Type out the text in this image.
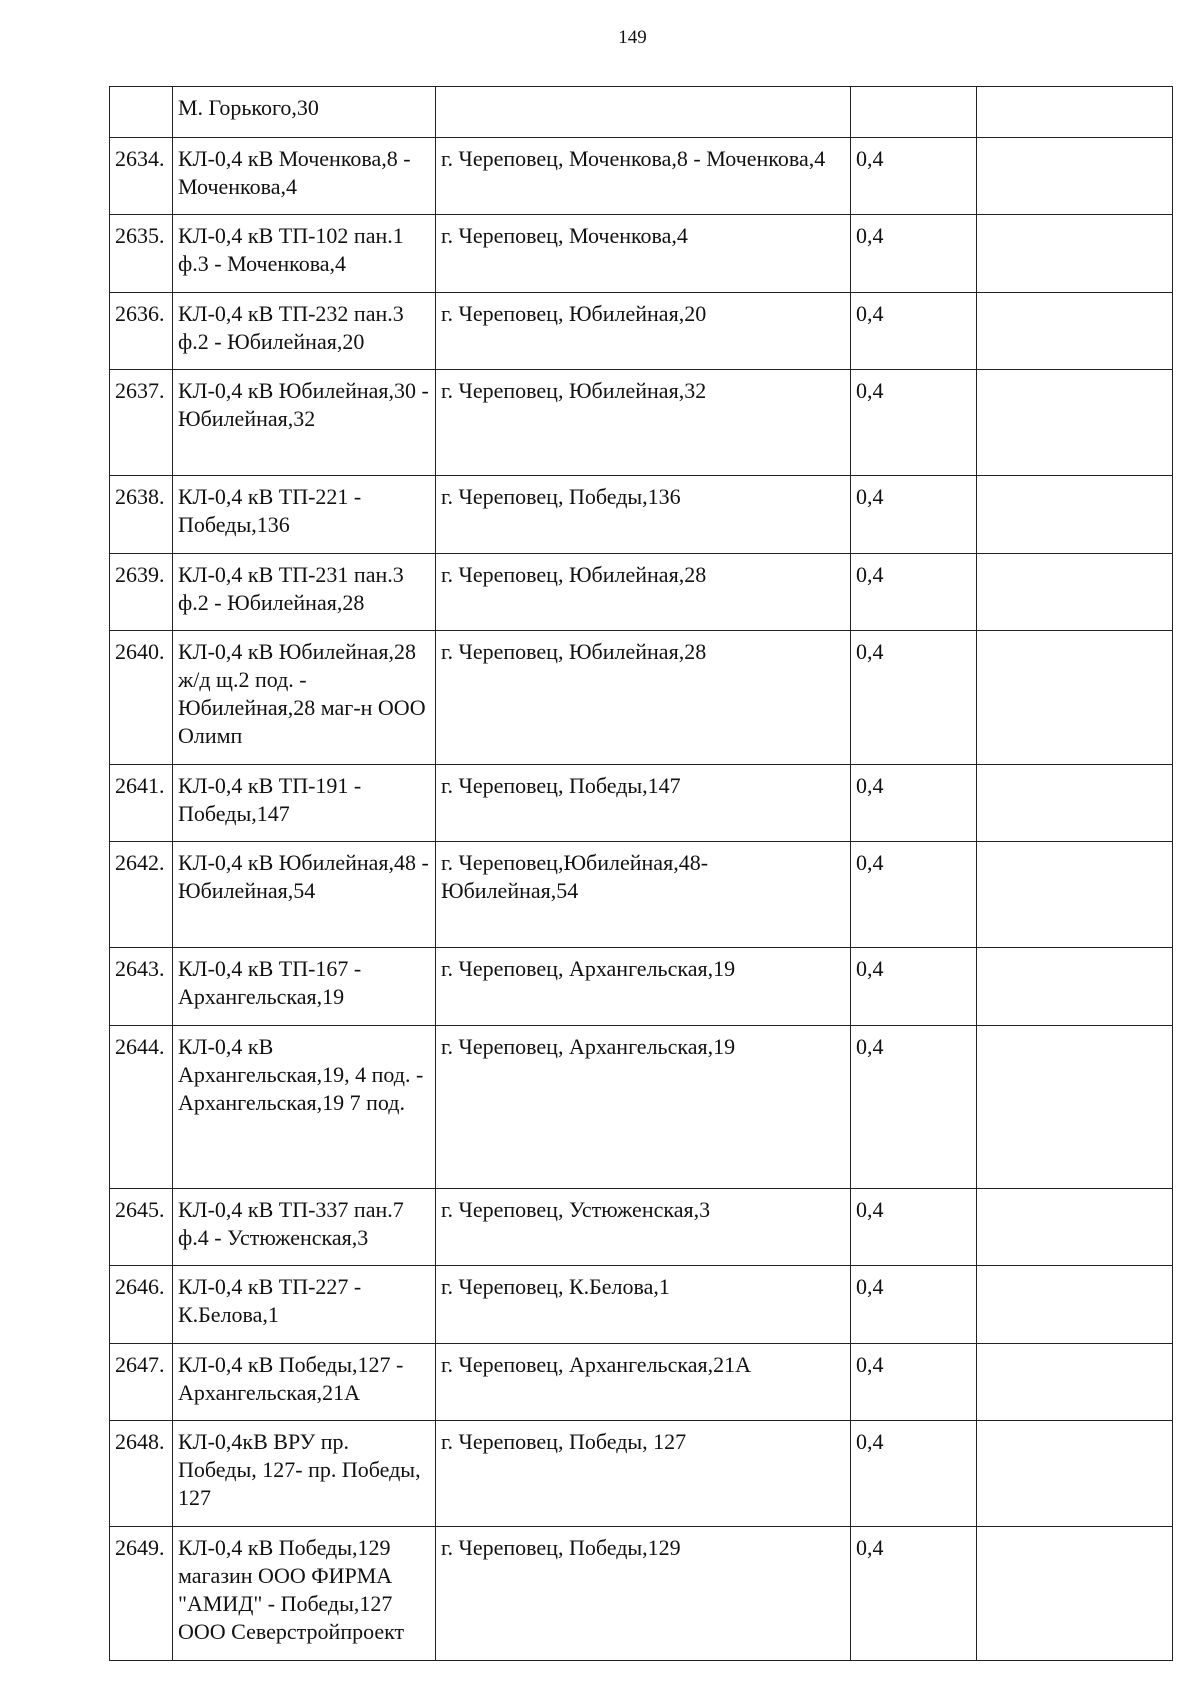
149
	М. Горького,30			
2634.	КЛ-0,4 кВ Моченкова,8 - Моченкова,4	г. Череповец, Моченкова,8 - Моченкова,4	0,4	
2635.	КЛ-0,4 кВ ТП-102 пан.1 ф.3 - Моченкова,4	г. Череповец, Моченкова,4	0,4	
2636.	КЛ-0,4 кВ ТП-232 пан.3 ф.2 - Юбилейная,20	г. Череповец, Юбилейная,20	0,4	
2637.	КЛ-0,4 кВ Юбилейная,30 - Юбилейная,32	г. Череповец, Юбилейная,32	0,4	
2638.	КЛ-0,4 кВ ТП-221 - Победы,136	г. Череповец, Победы,136	0,4	
2639.	КЛ-0,4 кВ ТП-231 пан.3 ф.2 - Юбилейная,28	г. Череповец, Юбилейная,28	0,4	
2640.	КЛ-0,4 кВ Юбилейная,28 ж/д щ.2 под. - Юбилейная,28 маг-н ООО Олимп	г. Череповец, Юбилейная,28	0,4	
2641.	КЛ-0,4 кВ ТП-191 - Победы,147	г. Череповец, Победы,147	0,4	
2642.	КЛ-0,4 кВ Юбилейная,48 - Юбилейная,54	г. Череповец,Юбилейная,48-Юбилейная,54	0,4	
2643.	КЛ-0,4 кВ ТП-167 - Архангельская,19	г. Череповец, Архангельская,19	0,4	
2644.	КЛ-0,4 кВ Архангельская,19, 4 под. - Архангельская,19 7 под.	г. Череповец, Архангельская,19	0,4	
2645.	КЛ-0,4 кВ ТП-337 пан.7 ф.4 - Устюженская,3	г. Череповец, Устюженская,3	0,4	
2646.	КЛ-0,4 кВ ТП-227 - К.Белова,1	г. Череповец, К.Белова,1	0,4	
2647.	КЛ-0,4 кВ Победы,127 - Архангельская,21А	г. Череповец, Архангельская,21А	0,4	
2648.	КЛ-0,4кВ ВРУ пр. Победы, 127- пр. Победы, 127	г. Череповец, Победы, 127	0,4	
2649.	КЛ-0,4 кВ Победы,129 магазин ООО ФИРМА "АМИД" - Победы,127 ООО Северстройпроект	г. Череповец, Победы,129	0,4	
